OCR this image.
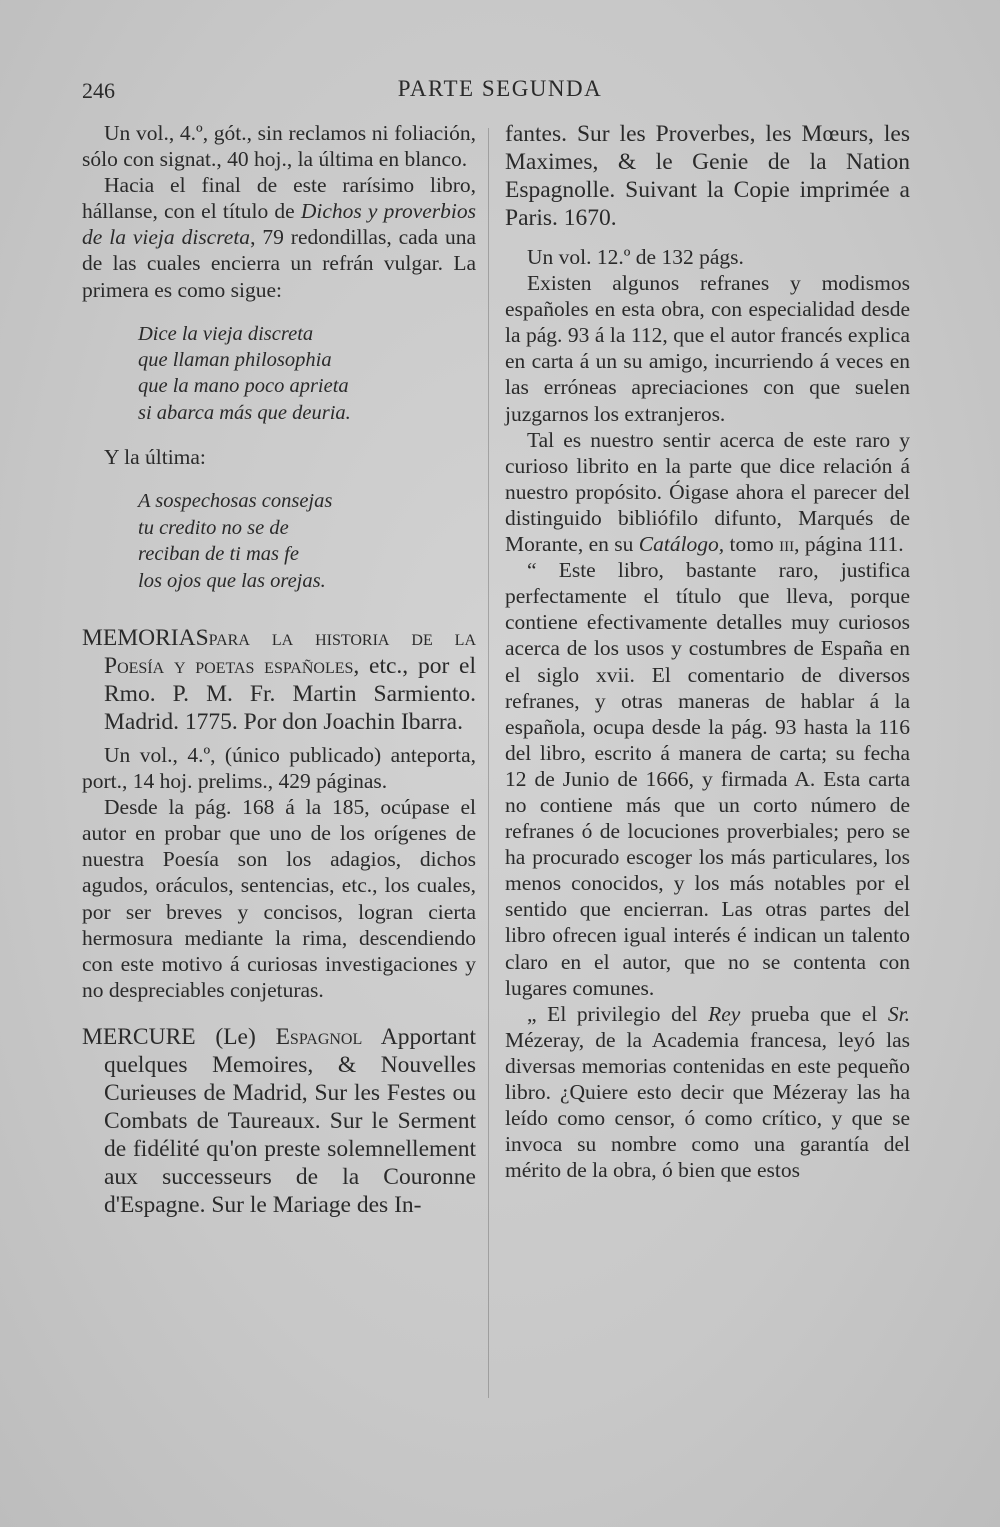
246	PARTE SEGUNDA

Un vol., 4.º, gót., sin reclamos ni foliación, sólo con signat., 40 hoj., la última en blanco.

Hacia el final de este rarísimo libro, hállanse, con el título de Dichos y proverbios de la vieja discreta, 79 redondillas, cada una de las cuales encierra un refrán vulgar. La primera es como sigue:

Dice la vieja discreta
que llaman philosophia
que la mano poco aprieta
si abarca más que deuria.

Y la última:

A sospechosas consejas
tu credito no se de
reciban de ti mas fe
los ojos que las orejas.

MEMORIASpara la historia de la Poesía y poetas españoles, etc., por el Rmo. P. M. Fr. Martin Sarmiento. Madrid. 1775. Por don Joachin Ibarra.

Un vol., 4.º, (único publicado) anteporta, port., 14 hoj. prelims., 429 páginas.

Desde la pág. 168 á la 185, ocúpase el autor en probar que uno de los orígenes de nuestra Poesía son los adagios, dichos agudos, oráculos, sentencias, etc., los cuales, por ser breves y concisos, logran cierta hermosura mediante la rima, descendiendo con este motivo á curiosas investigaciones y no despreciables conjeturas.

MERCURE (Le) Espagnol Apportant quelques Memoires, & Nouvelles Curieuses de Madrid, Sur les Festes ou Combats de Taureaux. Sur le Serment de fidélité qu'on preste solemnellement aux successeurs de la Couronne d'Espagne. Sur le Mariage des In-

fantes. Sur les Proverbes, les Mœurs, les Maximes, & le Genie de la Nation Espagnolle. Suivant la Copie imprimée a Paris. 1670.

Un vol. 12.º de 132 págs.

Existen algunos refranes y modismos españoles en esta obra, con especialidad desde la pág. 93 á la 112, que el autor francés explica en carta á un su amigo, incurriendo á veces en las erróneas apreciaciones con que suelen juzgarnos los extranjeros.

Tal es nuestro sentir acerca de este raro y curioso librito en la parte que dice relación á nuestro propósito. Óigase ahora el parecer del distinguido bibliófilo difunto, Marqués de Morante, en su Catálogo, tomo iii, página 111.

“ Este libro, bastante raro, justifica perfectamente el título que lleva, porque contiene efectivamente detalles muy curiosos acerca de los usos y costumbres de España en el siglo xvii. El comentario de diversos refranes, y otras maneras de hablar á la española, ocupa desde la pág. 93 hasta la 116 del libro, escrito á manera de carta; su fecha 12 de Junio de 1666, y firmada A. Esta carta no contiene más que un corto número de refranes ó de locuciones proverbiales; pero se ha procurado escoger los más particulares, los menos conocidos, y los más notables por el sentido que encierran. Las otras partes del libro ofrecen igual interés é indican un talento claro en el autor, que no se contenta con lugares comunes.

„ El privilegio del Rey prueba que el Sr. Mézeray, de la Academia francesa, leyó las diversas memorias contenidas en este pequeño libro. ¿Quiere esto decir que Mézeray las ha leído como censor, ó como crítico, y que se invoca su nombre como una garantía del mérito de la obra, ó bien que estos
